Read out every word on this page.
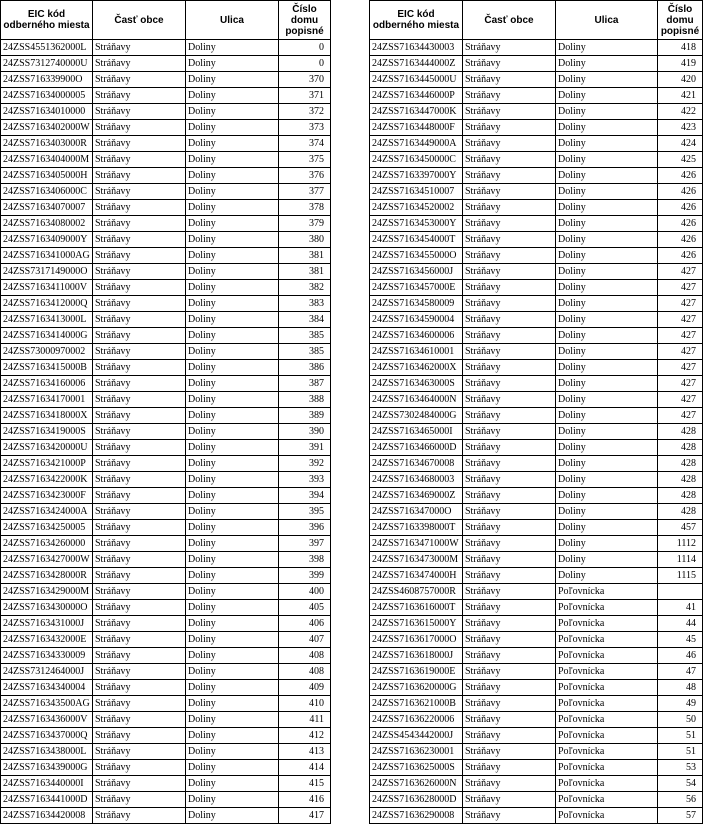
EIC kód odberného miesta	Časť obce	Ulica	Číslo domu popisné
24ZSS4551362000L	Stráňavy	Doliny	0
24ZSS7312740000U	Stráňavy	Doliny	0
24ZSS716339900O	Stráňavy	Doliny	370
24ZSS71634000005	Stráňavy	Doliny	371
24ZSS71634010000	Stráňavy	Doliny	372
24ZSS7163402000W	Stráňavy	Doliny	373
24ZSS7163403000R	Stráňavy	Doliny	374
24ZSS7163404000M	Stráňavy	Doliny	375
24ZSS7163405000H	Stráňavy	Doliny	376
24ZSS7163406000C	Stráňavy	Doliny	377
24ZSS71634070007	Stráňavy	Doliny	378
24ZSS71634080002	Stráňavy	Doliny	379
24ZSS7163409000Y	Stráňavy	Doliny	380
24ZSS716341000AG	Stráňavy	Doliny	381
24ZSS7317149000O	Stráňavy	Doliny	381
24ZSS7163411000V	Stráňavy	Doliny	382
24ZSS7163412000Q	Stráňavy	Doliny	383
24ZSS7163413000L	Stráňavy	Doliny	384
24ZSS7163414000G	Stráňavy	Doliny	385
24ZSS73000970002	Stráňavy	Doliny	385
24ZSS7163415000B	Stráňavy	Doliny	386
24ZSS71634160006	Stráňavy	Doliny	387
24ZSS71634170001	Stráňavy	Doliny	388
24ZSS7163418000X	Stráňavy	Doliny	389
24ZSS7163419000S	Stráňavy	Doliny	390
24ZSS7163420000U	Stráňavy	Doliny	391
24ZSS7163421000P	Stráňavy	Doliny	392
24ZSS7163422000K	Stráňavy	Doliny	393
24ZSS7163423000F	Stráňavy	Doliny	394
24ZSS7163424000A	Stráňavy	Doliny	395
24ZSS71634250005	Stráňavy	Doliny	396
24ZSS71634260000	Stráňavy	Doliny	397
24ZSS7163427000W	Stráňavy	Doliny	398
24ZSS7163428000R	Stráňavy	Doliny	399
24ZSS7163429000M	Stráňavy	Doliny	400
24ZSS7163430000O	Stráňavy	Doliny	405
24ZSS7163431000J	Stráňavy	Doliny	406
24ZSS7163432000E	Stráňavy	Doliny	407
24ZSS71634330009	Stráňavy	Doliny	408
24ZSS7312464000J	Stráňavy	Doliny	408
24ZSS71634340004	Stráňavy	Doliny	409
24ZSS716343500AG	Stráňavy	Doliny	410
24ZSS7163436000V	Stráňavy	Doliny	411
24ZSS7163437000Q	Stráňavy	Doliny	412
24ZSS7163438000L	Stráňavy	Doliny	413
24ZSS7163439000G	Stráňavy	Doliny	414
24ZSS7163440000I	Stráňavy	Doliny	415
24ZSS7163441000D	Stráňavy	Doliny	416
24ZSS71634420008	Stráňavy	Doliny	417
EIC kód odberného miesta	Časť obce	Ulica	Číslo domu popisné
24ZSS71634430003	Stráňavy	Doliny	418
24ZSS7163444000Z	Stráňavy	Doliny	419
24ZSS7163445000U	Stráňavy	Doliny	420
24ZSS7163446000P	Stráňavy	Doliny	421
24ZSS7163447000K	Stráňavy	Doliny	422
24ZSS7163448000F	Stráňavy	Doliny	423
24ZSS7163449000A	Stráňavy	Doliny	424
24ZSS7163450000C	Stráňavy	Doliny	425
24ZSS7163397000Y	Stráňavy	Doliny	426
24ZSS71634510007	Stráňavy	Doliny	426
24ZSS71634520002	Stráňavy	Doliny	426
24ZSS7163453000Y	Stráňavy	Doliny	426
24ZSS7163454000T	Stráňavy	Doliny	426
24ZSS7163455000O	Stráňavy	Doliny	426
24ZSS7163456000J	Stráňavy	Doliny	427
24ZSS7163457000E	Stráňavy	Doliny	427
24ZSS71634580009	Stráňavy	Doliny	427
24ZSS71634590004	Stráňavy	Doliny	427
24ZSS71634600006	Stráňavy	Doliny	427
24ZSS71634610001	Stráňavy	Doliny	427
24ZSS7163462000X	Stráňavy	Doliny	427
24ZSS7163463000S	Stráňavy	Doliny	427
24ZSS7163464000N	Stráňavy	Doliny	427
24ZSS7302484000G	Stráňavy	Doliny	427
24ZSS7163465000I	Stráňavy	Doliny	428
24ZSS7163466000D	Stráňavy	Doliny	428
24ZSS71634670008	Stráňavy	Doliny	428
24ZSS71634680003	Stráňavy	Doliny	428
24ZSS7163469000Z	Stráňavy	Doliny	428
24ZSS716347000O	Stráňavy	Doliny	428
24ZSS7163398000T	Stráňavy	Doliny	457
24ZSS7163471000W	Stráňavy	Doliny	1112
24ZSS7163473000M	Stráňavy	Doliny	1114
24ZSS7163474000H	Stráňavy	Doliny	1115
24ZSS4608757000R	Stráňavy	Poľovnícka	
24ZSS7163616000T	Stráňavy	Poľovnícka	41
24ZSS7163615000Y	Stráňavy	Poľovnícka	44
24ZSS7163617000O	Stráňavy	Poľovnícka	45
24ZSS7163618000J	Stráňavy	Poľovnícka	46
24ZSS7163619000E	Stráňavy	Poľovnícka	47
24ZSS7163620000G	Stráňavy	Poľovnícka	48
24ZSS7163621000B	Stráňavy	Poľovnícka	49
24ZSS71636220006	Stráňavy	Poľovnícka	50
24ZSS4543442000J	Stráňavy	Poľovnícka	51
24ZSS71636230001	Stráňavy	Poľovnícka	51
24ZSS7163625000S	Stráňavy	Poľovnícka	53
24ZSS7163626000N	Stráňavy	Poľovnícka	54
24ZSS7163628000D	Stráňavy	Poľovnícka	56
24ZSS71636290008	Stráňavy	Poľovnícka	57
